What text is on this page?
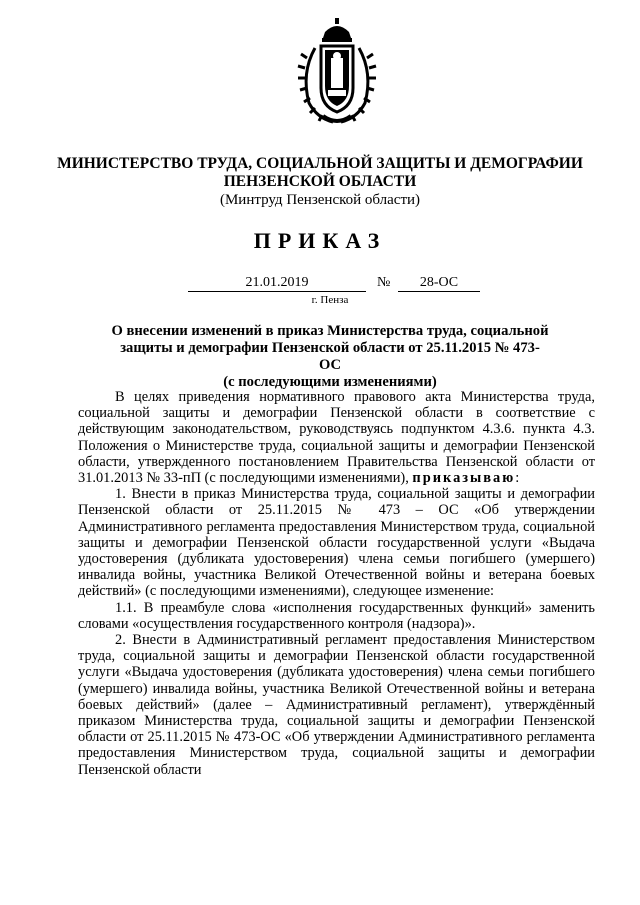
МИНИСТЕРСТВО ТРУДА, СОЦИАЛЬНОЙ ЗАЩИТЫ И ДЕМОГРАФИИ
ПЕНЗЕНСКОЙ ОБЛАСТИ
(Минтруд Пензенской области)
ПРИКАЗ
21.01.2019	№	28-ОС
г. Пенза
О внесении изменений в приказ Министерства труда, социальной
защиты и демографии Пензенской области от 25.11.2015 № 473-ОС
(с последующими изменениями)

В целях приведения нормативного правового акта Министерства труда, социальной защиты и демографии Пензенской области в соответствие с действующим законодательством, руководствуясь подпунктом 4.3.6. пункта 4.3. Положения о Министерстве труда, социальной защиты и демографии Пензенской области, утвержденного постановлением Правительства Пензенской области от 31.01.2013 № 33-пП (с последующими изменениями), приказываю:

1. Внести в приказ Министерства труда, социальной защиты и демографии Пензенской области от 25.11.2015 № 473 – ОС «Об утверждении Административного регламента предоставления Министерством труда, социальной защиты и демографии Пензенской области государственной услуги «Выдача удостоверения (дубликата удостоверения) члена семьи погибшего (умершего) инвалида войны, участника Великой Отечественной войны и ветерана боевых действий» (с последующими изменениями), следующее изменение:

1.1. В преамбуле слова «исполнения государственных функций» заменить словами «осуществления государственного контроля (надзора)».

2. Внести в Административный регламент предоставления Министерством труда, социальной защиты и демографии Пензенской области государственной услуги «Выдача удостоверения (дубликата удостоверения) члена семьи погибшего (умершего) инвалида войны, участника Великой Отечественной войны и ветерана боевых действий» (далее – Административный регламент), утверждённый приказом Министерства труда, социальной защиты и демографии Пензенской области от 25.11.2015 № 473-ОС «Об утверждении Административного регламента предоставления Министерством труда, социальной защиты и демографии Пензенской области
